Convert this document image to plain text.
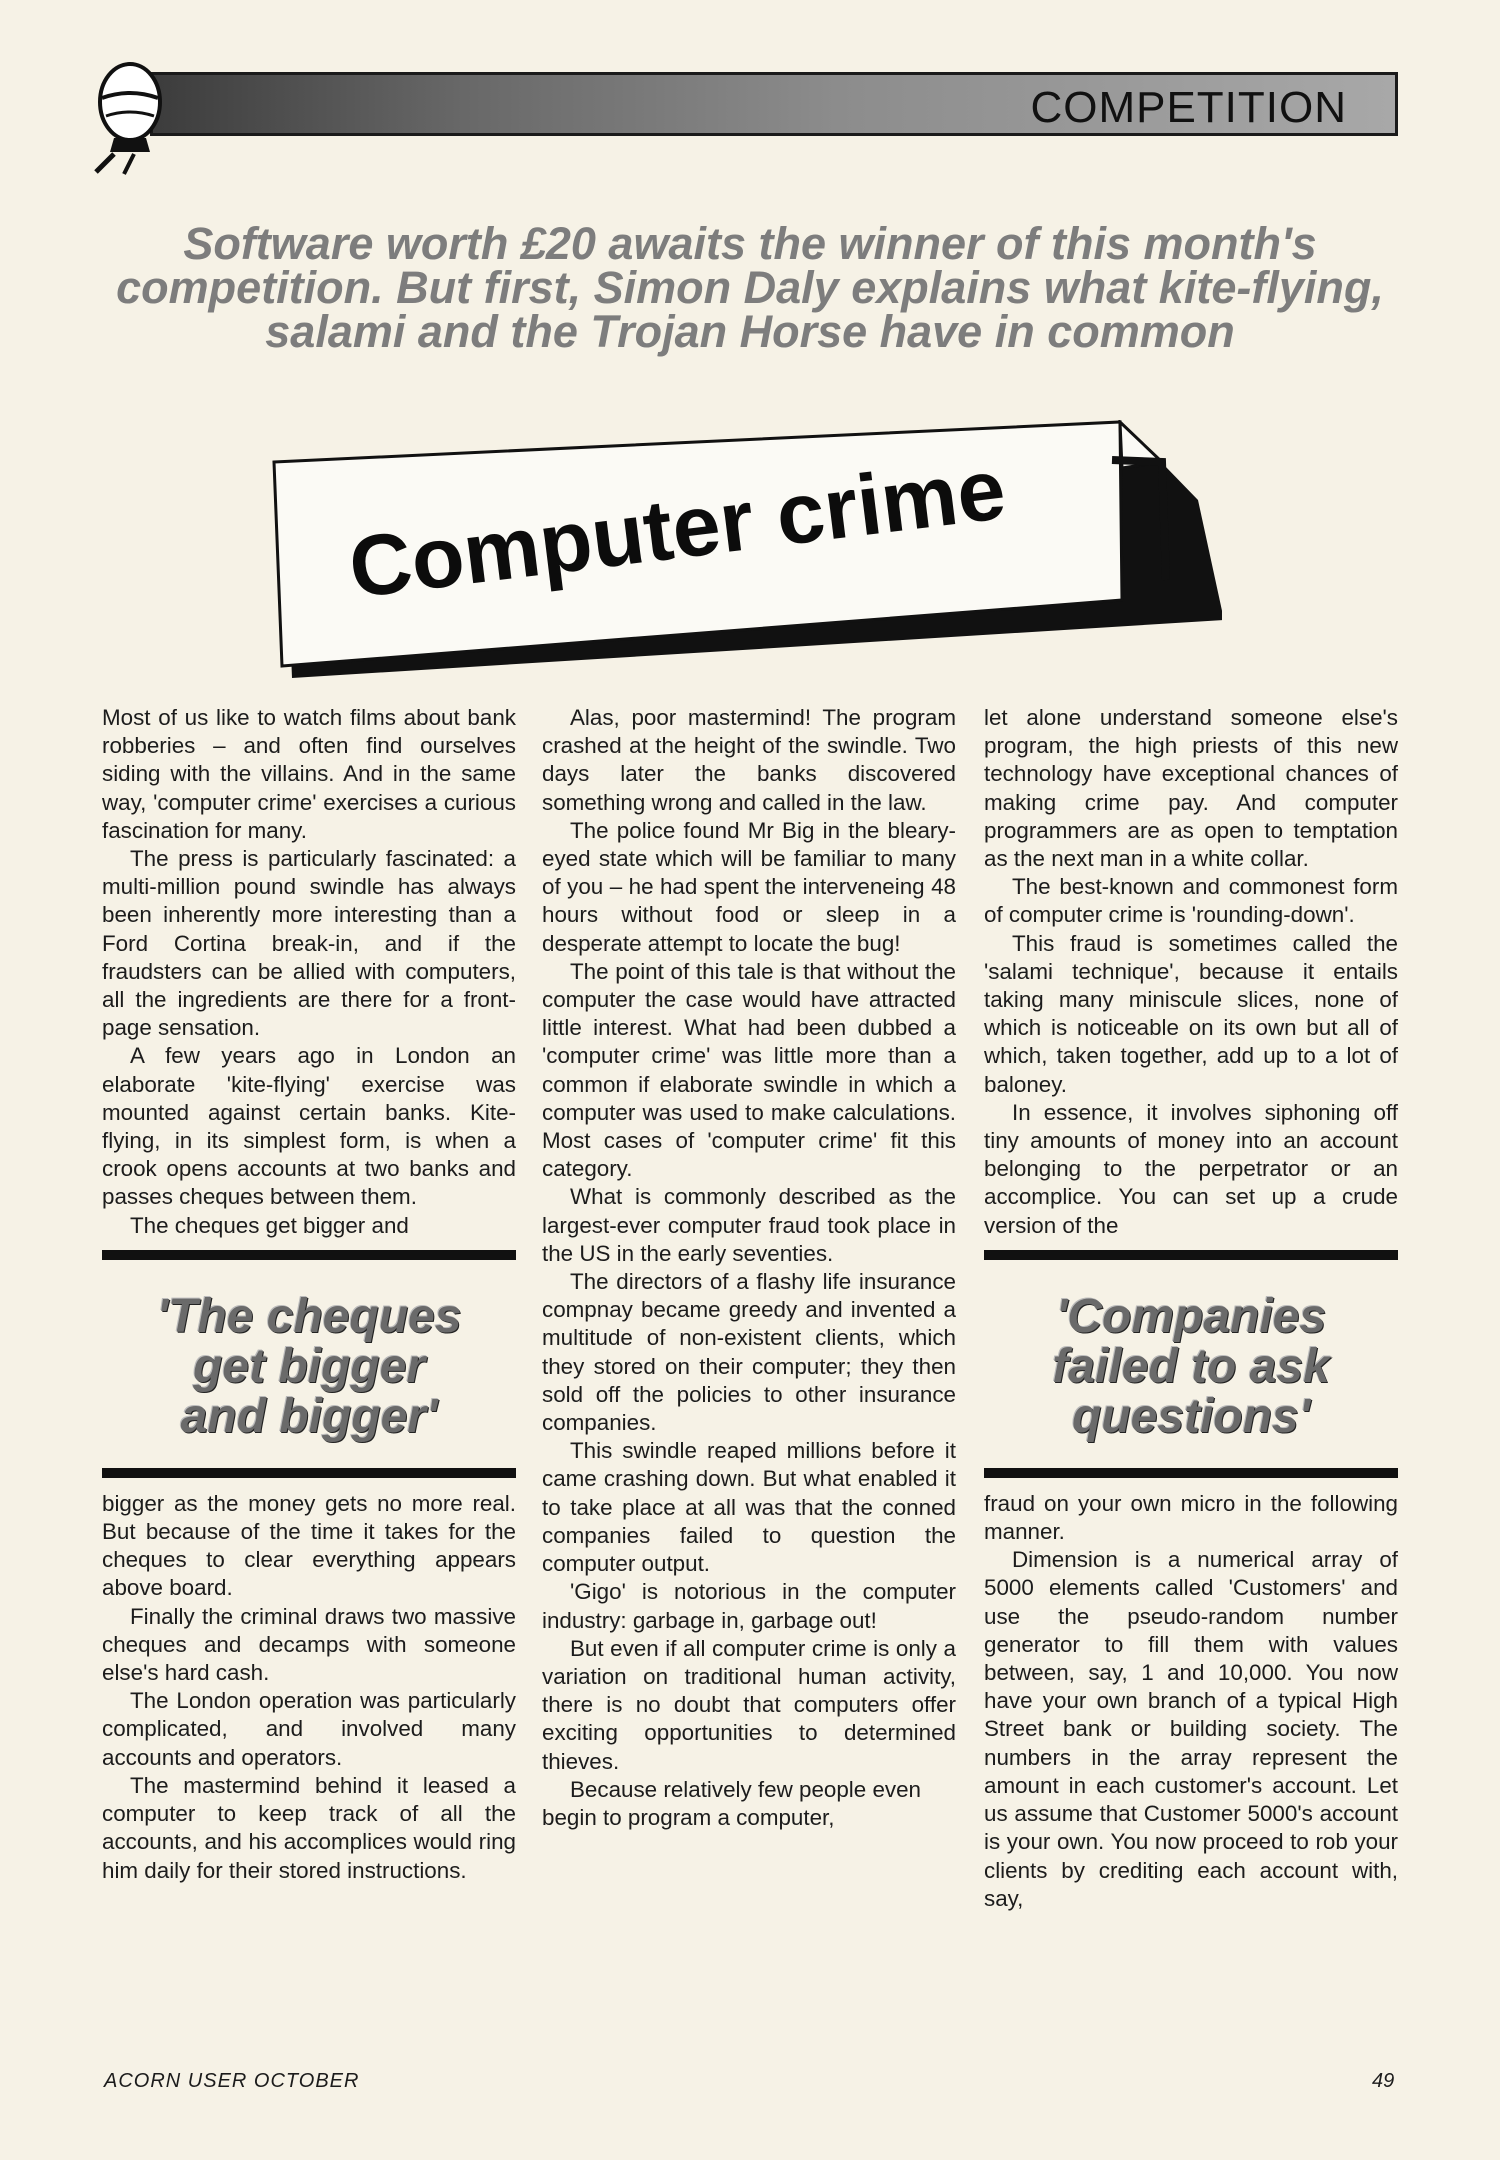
COMPETITION
Software worth £20 awaits the winner of this month's
competition. But first, Simon Daly explains what kite-flying,
salami and the Trojan Horse have in common
Computer crime

Most of us like to watch films about bank robberies – and often find ourselves siding with the villains. And in the same way, 'computer crime' exercises a curious fascination for many.

The press is particularly fascinated: a multi-million pound swindle has always been inherently more interesting than a Ford Cortina break-in, and if the fraudsters can be allied with computers, all the ingredients are there for a front-page sensation.

A few years ago in London an elaborate 'kite-flying' exercise was mounted against certain banks. Kite-flying, in its simplest form, is when a crook opens accounts at two banks and passes cheques between them.

The cheques get bigger and

'The cheques
get bigger
and bigger'

bigger as the money gets no more real. But because of the time it takes for the cheques to clear everything appears above board.

Finally the criminal draws two massive cheques and decamps with someone else's hard cash.

The London operation was particularly complicated, and involved many accounts and operators.

The mastermind behind it leased a computer to keep track of all the accounts, and his accomplices would ring him daily for their stored instructions.

Alas, poor mastermind! The program crashed at the height of the swindle. Two days later the banks discovered something wrong and called in the law.

The police found Mr Big in the bleary-eyed state which will be familiar to many of you – he had spent the interveneing 48 hours without food or sleep in a desperate attempt to locate the bug!

The point of this tale is that without the computer the case would have attracted little interest. What had been dubbed a 'computer crime' was little more than a common if elaborate swindle in which a computer was used to make calculations. Most cases of 'computer crime' fit this category.

What is commonly described as the largest-ever computer fraud took place in the US in the early seventies.

The directors of a flashy life insurance compnay became greedy and invented a multitude of non-existent clients, which they stored on their computer; they then sold off the policies to other insurance companies.

This swindle reaped millions before it came crashing down. But what enabled it to take place at all was that the conned companies failed to question the computer output.

'Gigo' is notorious in the computer industry: garbage in, garbage out!

But even if all computer crime is only a variation on traditional human activity, there is no doubt that computers offer exciting opportunities to determined thieves.

Because relatively few people even begin to program a computer,

let alone understand someone else's program, the high priests of this new technology have exceptional chances of making crime pay. And computer programmers are as open to temptation as the next man in a white collar.

The best-known and commonest form of computer crime is 'rounding-down'.

This fraud is sometimes called the 'salami technique', because it entails taking many miniscule slices, none of which is noticeable on its own but all of which, taken together, add up to a lot of baloney.

In essence, it involves siphoning off tiny amounts of money into an account belonging to the perpetrator or an accomplice. You can set up a crude version of the

'Companies
failed to ask
questions'

fraud on your own micro in the following manner.

Dimension is a numerical array of 5000 elements called 'Customers' and use the pseudo-random number generator to fill them with values between, say, 1 and 10,000. You now have your own branch of a typical High Street bank or building society. The numbers in the array represent the amount in each customer's account. Let us assume that Customer 5000's account is your own. You now proceed to rob your clients by crediting each account with, say,

ACORN USER OCTOBER	49
